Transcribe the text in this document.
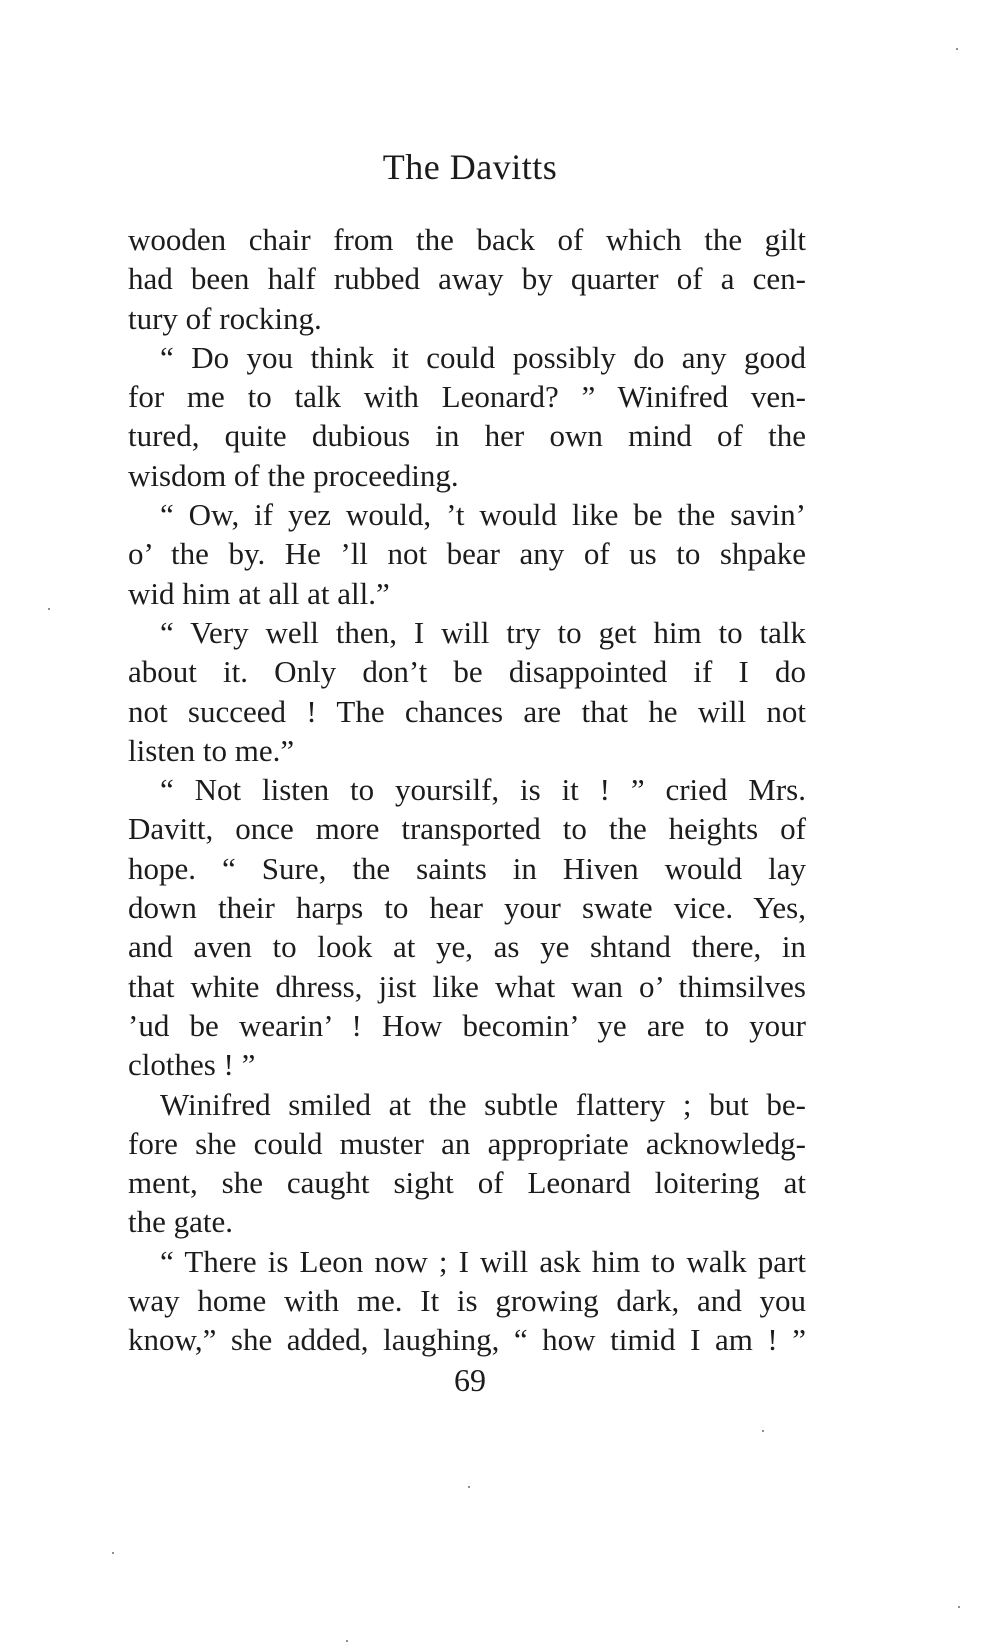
The Davitts
wooden chair from the back of which the gilt
had been half rubbed away by quarter of a cen-
tury of rocking.
“ Do you think it could possibly do any good
for me to talk with Leonard? ” Winifred ven-
tured, quite dubious in her own mind of the
wisdom of the proceeding.
“ Ow, if yez would, ’t would like be the savin’
o’ the by. He ’ll not bear any of us to shpake
wid him at all at all.”
“ Very well then, I will try to get him to talk
about it. Only don’t be disappointed if I do
not succeed ! The chances are that he will not
listen to me.”
“ Not listen to yoursilf, is it ! ” cried Mrs.
Davitt, once more transported to the heights of
hope. “ Sure, the saints in Hiven would lay
down their harps to hear your swate vice. Yes,
and aven to look at ye, as ye shtand there, in
that white dhress, jist like what wan o’ thimsilves
’ud be wearin’ ! How becomin’ ye are to your
clothes ! ”
Winifred smiled at the subtle flattery ; but be-
fore she could muster an appropriate acknowledg-
ment, she caught sight of Leonard loitering at
the gate.
“ There is Leon now ; I will ask him to walk part
way home with me. It is growing dark, and you
know,” she added, laughing, “ how timid I am ! ”
69
